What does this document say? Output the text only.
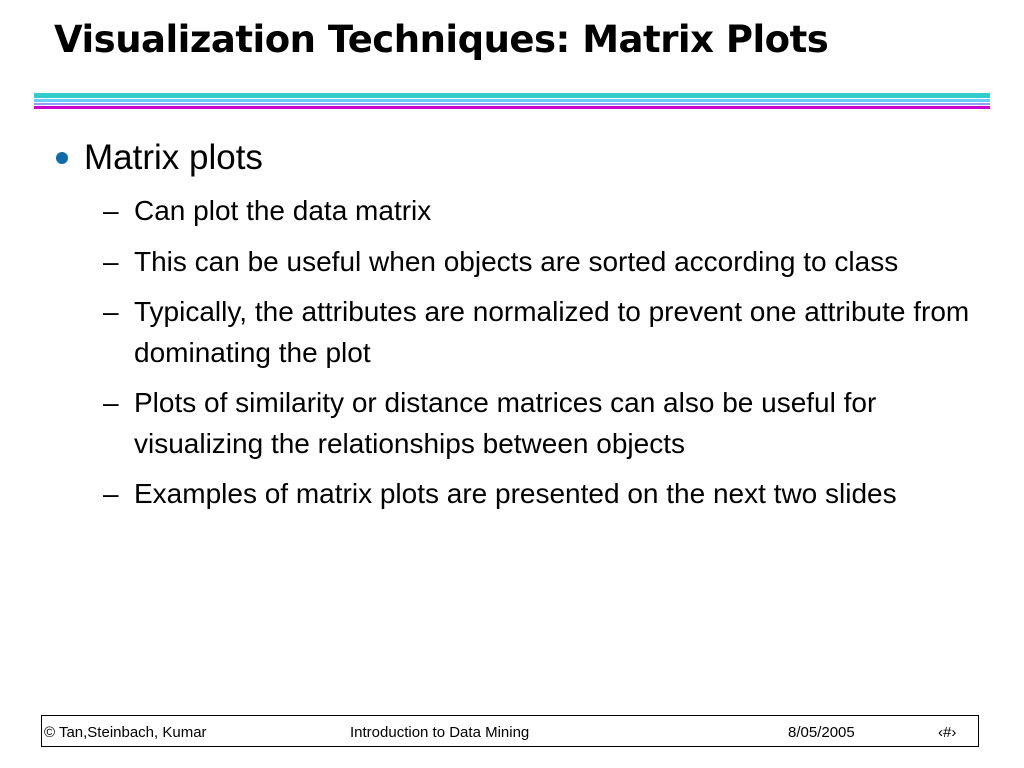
Visualization Techniques: Matrix Plots
Matrix plots
– Can plot the data matrix
– This can be useful when objects are sorted according to class
– Typically, the attributes are normalized to prevent one attribute from dominating the plot
– Plots of similarity or distance matrices can also be useful for visualizing the relationships between objects
– Examples of matrix plots are presented on the next two slides
© Tan,Steinbach, Kumar	Introduction to Data Mining	8/05/2005	‹#›
